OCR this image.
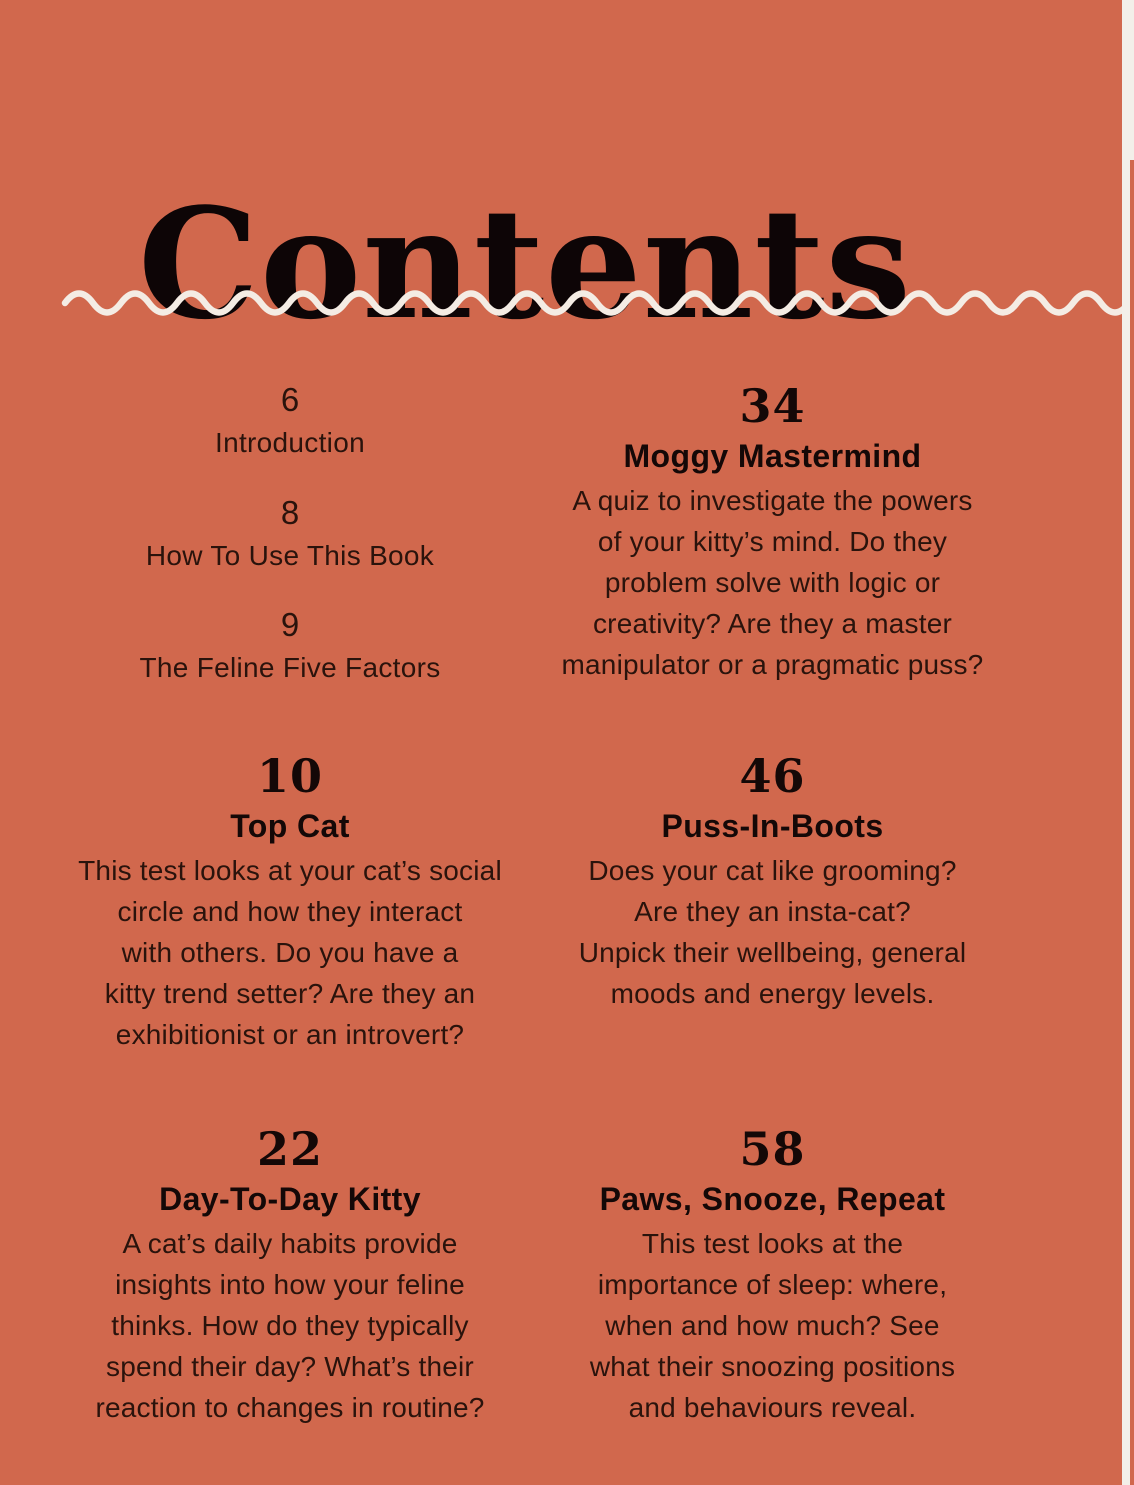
Contents
6
Introduction
8
How To Use This Book
9
The Feline Five Factors
34
Moggy Mastermind
A quiz to investigate the powers
of your kitty’s mind. Do they
problem solve with logic or
creativity? Are they a master
manipulator or a pragmatic puss?
10
Top Cat
This test looks at your cat’s social
circle and how they interact
with others. Do you have a
kitty trend setter? Are they an
exhibitionist or an introvert?
46
Puss-In-Boots
Does your cat like grooming?
Are they an insta-cat?
Unpick their wellbeing, general
moods and energy levels.
22
Day-To-Day Kitty
A cat’s daily habits provide
insights into how your feline
thinks. How do they typically
spend their day? What’s their
reaction to changes in routine?
58
Paws, Snooze, Repeat
This test looks at the
importance of sleep: where,
when and how much? See
what their snoozing positions
and behaviours reveal.
